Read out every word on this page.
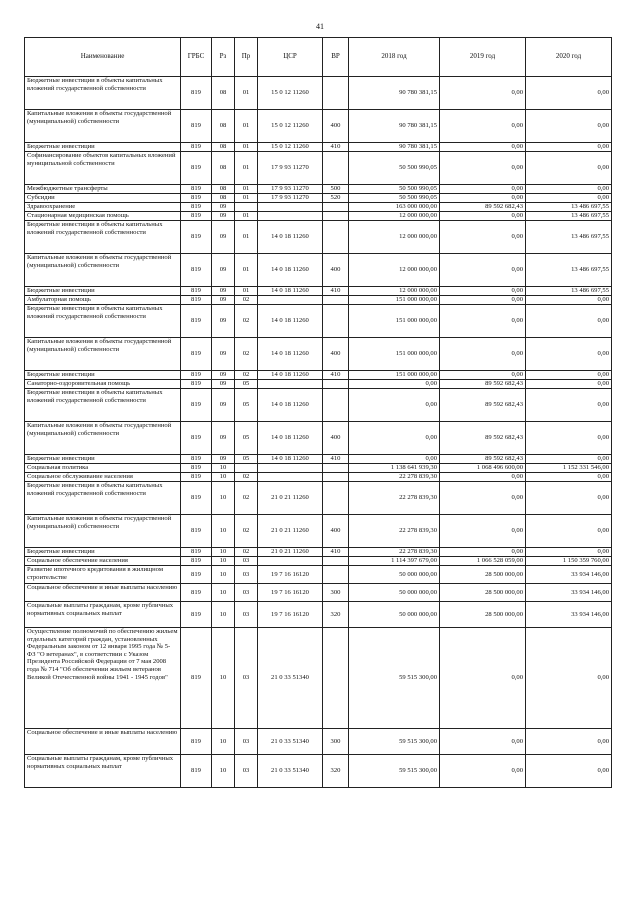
41
Наименование	ГРБС	Рз	Пр	ЦСР	ВР	2018 год	2019 год	2020 год
Бюджетные инвестиции в объекты капитальных вложений государственной собственности	819	08	01	15 0 12 11260		90 780 381,15	0,00	0,00
Капитальные вложения в объекты государственной (муниципальной) собственности	819	08	01	15 0 12 11260	400	90 780 381,15	0,00	0,00
Бюджетные инвестиции	819	08	01	15 0 12 11260	410	90 780 381,15	0,00	0,00
Софинансирование объектов капитальных вложений муниципальной собственности	819	08	01	17 9 93 11270		50 500 990,05	0,00	0,00
Межбюджетные трансферты	819	08	01	17 9 93 11270	500	50 500 990,05	0,00	0,00
Субсидии	819	08	01	17 9 93 11270	520	50 500 990,05	0,00	0,00
Здравоохранение	819	09				163 000 000,00	89 592 682,43	13 486 697,55
Стационарная медицинская помощь	819	09	01			12 000 000,00	0,00	13 486 697,55
Бюджетные инвестиции в объекты капитальных вложений государственной собственности	819	09	01	14 0 18 11260		12 000 000,00	0,00	13 486 697,55
Капитальные вложения в объекты государственной (муниципальной) собственности	819	09	01	14 0 18 11260	400	12 000 000,00	0,00	13 486 697,55
Бюджетные инвестиции	819	09	01	14 0 18 11260	410	12 000 000,00	0,00	13 486 697,55
Амбулаторная помощь	819	09	02			151 000 000,00	0,00	0,00
Бюджетные инвестиции в объекты капитальных вложений государственной собственности	819	09	02	14 0 18 11260		151 000 000,00	0,00	0,00
Капитальные вложения в объекты государственной (муниципальной) собственности	819	09	02	14 0 18 11260	400	151 000 000,00	0,00	0,00
Бюджетные инвестиции	819	09	02	14 0 18 11260	410	151 000 000,00	0,00	0,00
Санаторно-оздоровительная помощь	819	09	05			0,00	89 592 682,43	0,00
Бюджетные инвестиции в объекты капитальных вложений государственной собственности	819	09	05	14 0 18 11260		0,00	89 592 682,43	0,00
Капитальные вложения в объекты государственной (муниципальной) собственности	819	09	05	14 0 18 11260	400	0,00	89 592 682,43	0,00
Бюджетные инвестиции	819	09	05	14 0 18 11260	410	0,00	89 592 682,43	0,00
Социальная политика	819	10				1 138 641 939,30	1 068 496 600,00	1 152 331 546,00
Социальное обслуживание населения	819	10	02			22 278 839,30	0,00	0,00
Бюджетные инвестиции в объекты капитальных вложений государственной собственности	819	10	02	21 0 21 11260		22 278 839,30	0,00	0,00
Капитальные вложения в объекты государственной (муниципальной) собственности	819	10	02	21 0 21 11260	400	22 278 839,30	0,00	0,00
Бюджетные инвестиции	819	10	02	21 0 21 11260	410	22 278 839,30	0,00	0,00
Социальное обеспечение населения	819	10	03			1 114 397 679,00	1 066 528 059,00	1 150 359 760,00
Развитие ипотечного кредитования в жилищном строительстве	819	10	03	19 7 16 16120		50 000 000,00	28 500 000,00	33 934 146,00
Социальное обеспечение и иные выплаты населению	819	10	03	19 7 16 16120	300	50 000 000,00	28 500 000,00	33 934 146,00
Социальные выплаты гражданам, кроме публичных нормативных социальных выплат	819	10	03	19 7 16 16120	320	50 000 000,00	28 500 000,00	33 934 146,00
Осуществление полномочий по обеспечению жильем отдельных категорий граждан, установленных Федеральным законом от 12 января 1995 года № 5-ФЗ "О ветеранах", в соответствии с Указом Президента Российской Федерации от 7 мая 2008 года № 714 "Об обеспечении жильем ветеранов Великой Отечественной войны 1941 - 1945 годов"	819	10	03	21 0 33 51340		59 515 300,00	0,00	0,00
Социальное обеспечение и иные выплаты населению	819	10	03	21 0 33 51340	300	59 515 300,00	0,00	0,00
Социальные выплаты гражданам, кроме публичных нормативных социальных выплат	819	10	03	21 0 33 51340	320	59 515 300,00	0,00	0,00
